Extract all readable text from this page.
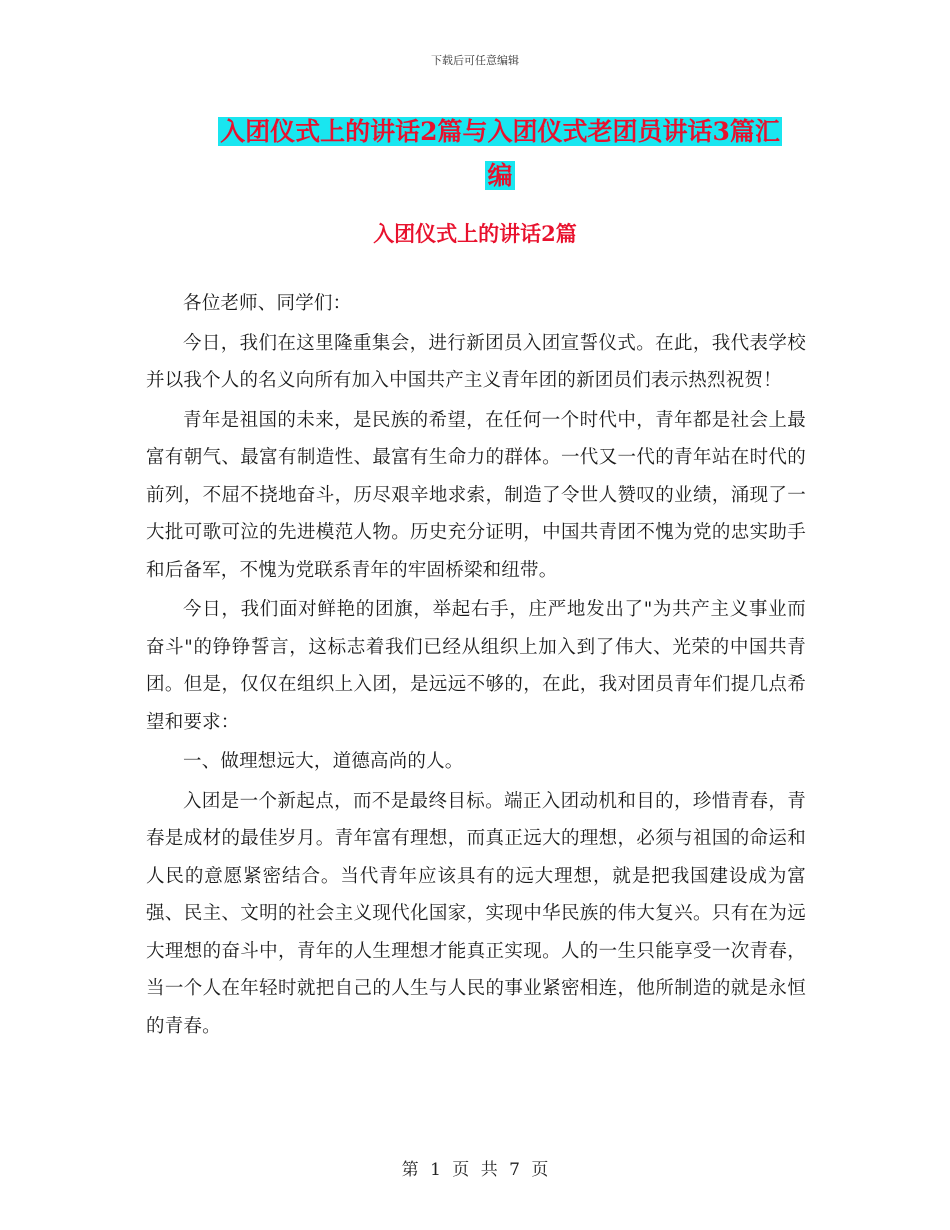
下载后可任意编辑
入团仪式上的讲话2篇与入团仪式老团员讲话3篇汇
编
入团仪式上的讲话2篇

各位老师、同学们：

今日，我们在这里隆重集会，进行新团员入团宣誓仪式。在此，我代表学校并以我个人的名义向所有加入中国共产主义青年团的新团员们表示热烈祝贺！

青年是祖国的未来，是民族的希望，在任何一个时代中，青年都是社会上最富有朝气、最富有制造性、最富有生命力的群体。一代又一代的青年站在时代的前列，不屈不挠地奋斗，历尽艰辛地求索，制造了令世人赞叹的业绩，涌现了一大批可歌可泣的先进模范人物。历史充分证明，中国共青团不愧为党的忠实助手和后备军，不愧为党联系青年的牢固桥梁和纽带。

今日，我们面对鲜艳的团旗，举起右手，庄严地发出了"为共产主义事业而奋斗"的铮铮誓言，这标志着我们已经从组织上加入到了伟大、光荣的中国共青团。但是，仅仅在组织上入团，是远远不够的，在此，我对团员青年们提几点希望和要求：

一、做理想远大，道德高尚的人。

入团是一个新起点，而不是最终目标。端正入团动机和目的，珍惜青春，青春是成材的最佳岁月。青年富有理想，而真正远大的理想，必须与祖国的命运和人民的意愿紧密结合。当代青年应该具有的远大理想，就是把我国建设成为富强、民主、文明的社会主义现代化国家，实现中华民族的伟大复兴。只有在为远大理想的奋斗中，青年的人生理想才能真正实现。人的一生只能享受一次青春，当一个人在年轻时就把自己的人生与人民的事业紧密相连，他所制造的就是永恒的青春。

第 1 页 共 7 页
